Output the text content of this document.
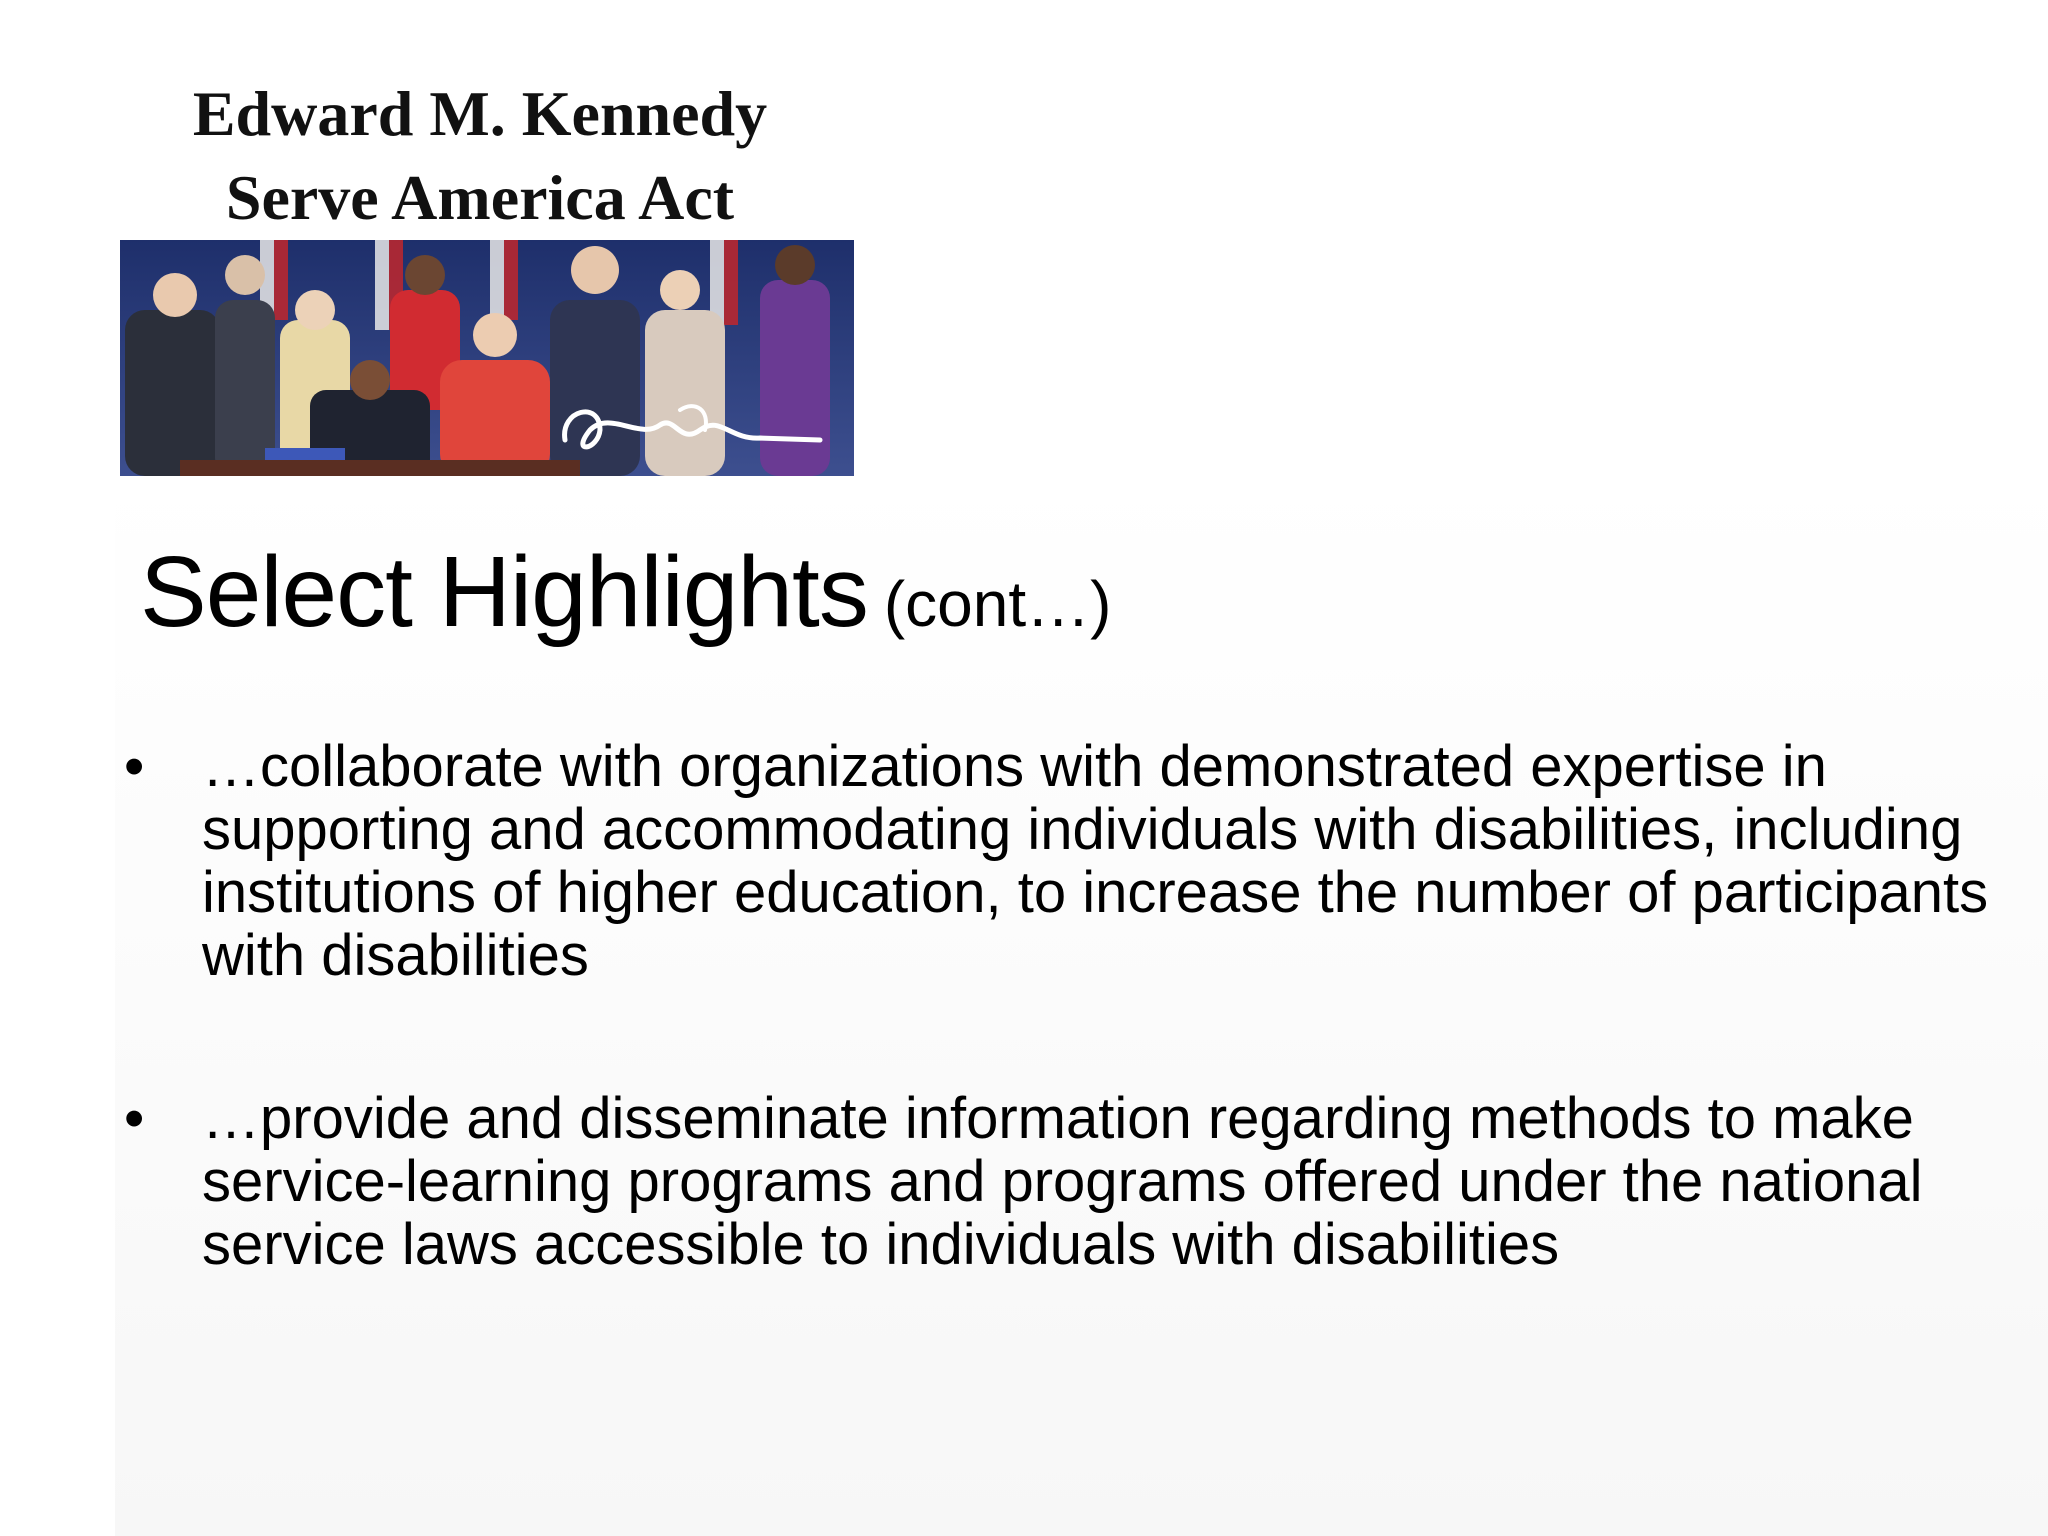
Edward M. Kennedy
Serve America Act
Select Highlights (cont…)
• …collaborate with organizations with demonstrated expertise in supporting and accommodating individuals with disabilities, including institutions of higher education, to increase the number of participants with disabilities
• …provide and disseminate information regarding methods to make service-learning programs and programs offered under the national service laws accessible to individuals with disabilities
